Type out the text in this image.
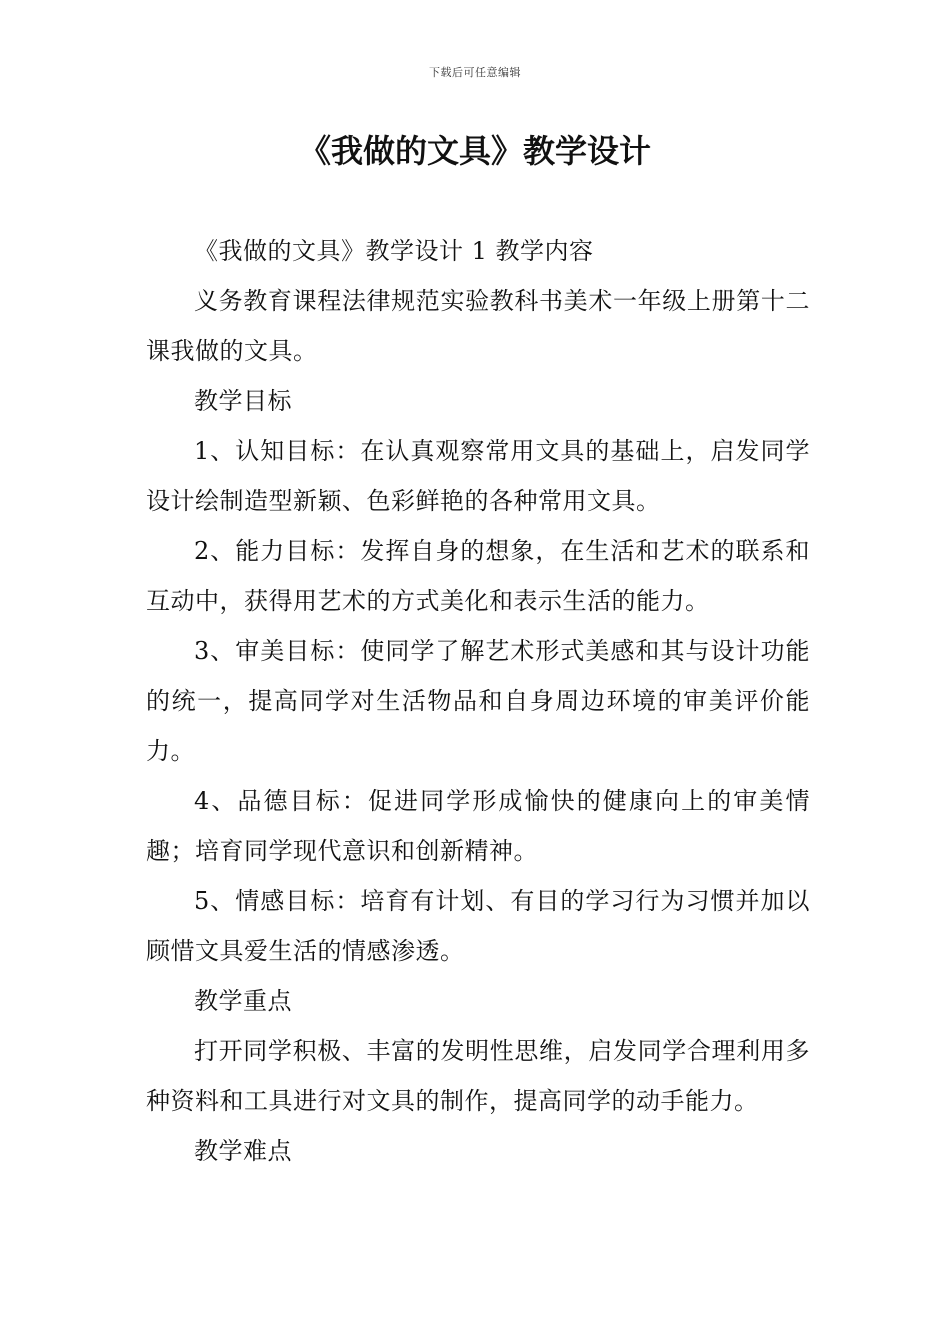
下载后可任意编辑
《我做的文具》教学设计

《我做的文具》教学设计 1 教学内容

义务教育课程法律规范实验教科书美术一年级上册第十二课我做的文具。

教学目标

1、认知目标：在认真观察常用文具的基础上，启发同学设计绘制造型新颖、色彩鲜艳的各种常用文具。

2、能力目标：发挥自身的想象，在生活和艺术的联系和互动中，获得用艺术的方式美化和表示生活的能力。

3、审美目标：使同学了解艺术形式美感和其与设计功能的统一，提高同学对生活物品和自身周边环境的审美评价能力。

4、品德目标：促进同学形成愉快的健康向上的审美情趣；培育同学现代意识和创新精神。

5、情感目标：培育有计划、有目的学习行为习惯并加以顾惜文具爱生活的情感渗透。

教学重点

打开同学积极、丰富的发明性思维，启发同学合理利用多种资料和工具进行对文具的制作，提高同学的动手能力。

教学难点
